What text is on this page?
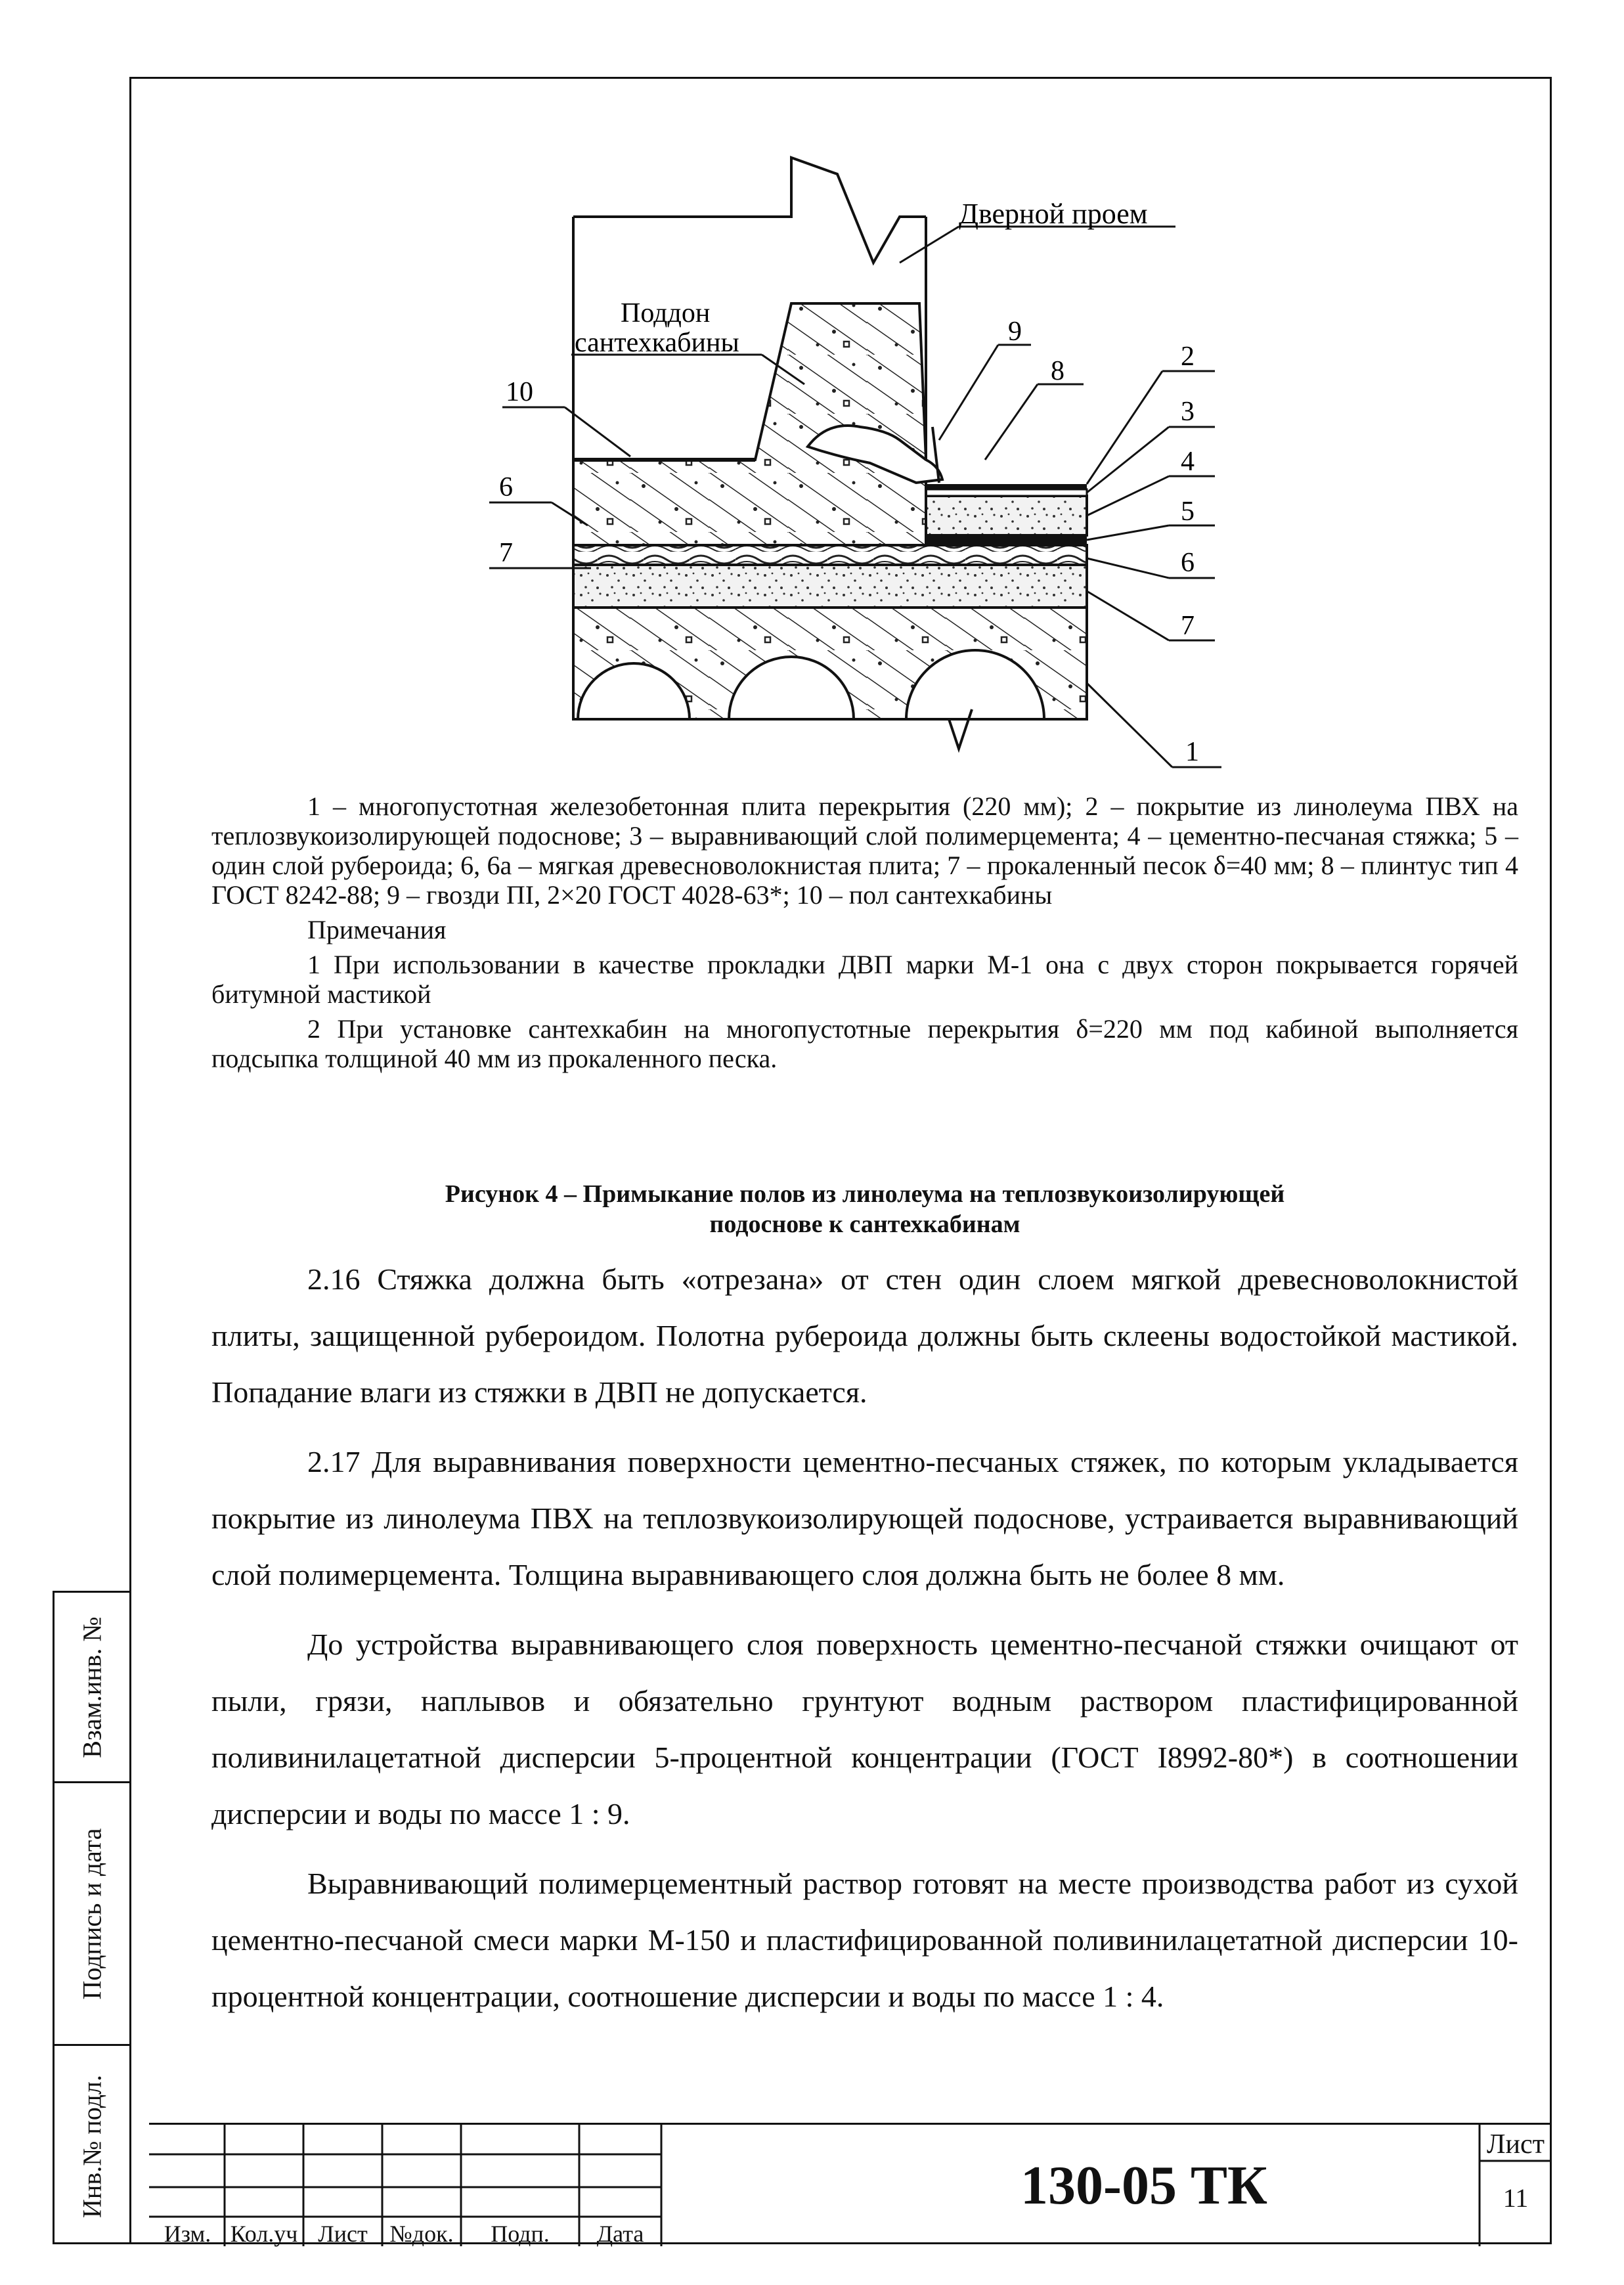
Взам.инв. №
Подпись и дата
Инв.№ подл.
Дверной проем
Поддон
сантехкабины	9
8	2
3
4
5
6
7
1
10
6
7

1 – многопустотная железобетонная плита перекрытия (220 мм); 2 – покрытие из линолеума ПВХ на теплозвукоизолирующей подоснове; 3 – выравнивающий слой полимерцемента; 4 – цементно-песчаная стяжка; 5 – один слой рубероида; 6, 6а – мягкая древесноволокнистая плита; 7 – прокаленный песок δ=40 мм; 8 – плинтус тип 4 ГОСТ 8242-88; 9 – гвозди ПІ, 2×20 ГОСТ 4028-63*; 10 – пол сантехкабины

Примечания

1 При использовании в качестве прокладки ДВП марки М-1 она с двух сторон покрывается горячей битумной мастикой

2 При установке сантехкабин на многопустотные перекрытия δ=220 мм под кабиной выполняется подсыпка толщиной 40 мм из прокаленного песка.

Рисунок 4 – Примыкание полов из линолеума на теплозвукоизолирующей
подоснове к сантехкабинам

2.16 Стяжка должна быть «отрезана» от стен один слоем мягкой древесноволокнистой плиты, защищенной рубероидом. Полотна рубероида должны быть склеены водостойкой мастикой. Попадание влаги из стяжки в ДВП не допускается.

2.17 Для выравнивания поверхности цементно-песчаных стяжек, по которым укладывается покрытие из линолеума ПВХ на теплозвукоизолирующей подоснове, устраивается выравнивающий слой полимерцемента. Толщина выравнивающего слоя должна быть не более 8 мм.

До устройства выравнивающего слоя поверхность цементно-песчаной стяжки очищают от пыли, грязи, наплывов и обязательно грунтуют водным раствором пластифицированной поливинилацетатной дисперсии 5-процентной концентрации (ГОСТ І8992-80*) в соотношении дисперсии и воды по массе 1 : 9.

Выравнивающий полимерцементный раствор готовят на месте производства работ из сухой цементно-песчаной смеси марки М-150 и пластифицированной поливинилацетатной дисперсии 10-процентной концентрации, соотношение дисперсии и воды по массе 1 : 4.

Изм. Кол.уч Лист №док.	Подп.	Дата
130-05 ТК
Лист
11
